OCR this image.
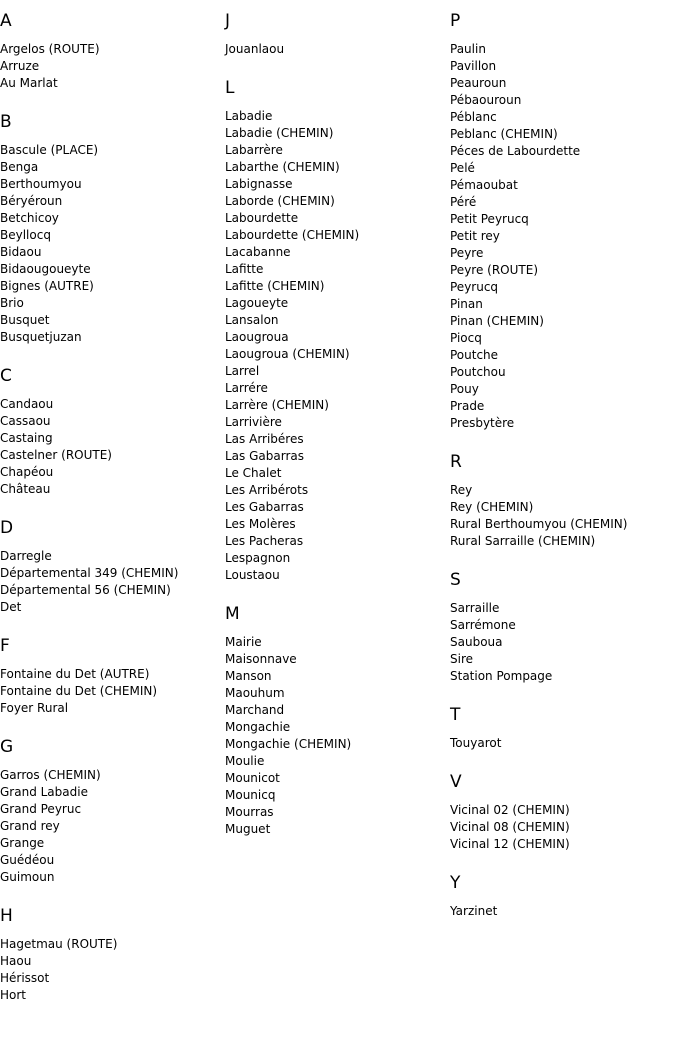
A
Argelos (ROUTE)
Arruze
Au Marlat
B
Bascule (PLACE)
Benga
Berthoumyou
Béryéroun
Betchicoy
Beyllocq
Bidaou
Bidaougoueyte
Bignes (AUTRE)
Brio
Busquet
Busquetjuzan
C
Candaou
Cassaou
Castaing
Castelner (ROUTE)
Chapéou
Château
D
Darregle
Départemental 349 (CHEMIN)
Départemental 56 (CHEMIN)
Det
F
Fontaine du Det (AUTRE)
Fontaine du Det (CHEMIN)
Foyer Rural
G
Garros (CHEMIN)
Grand Labadie
Grand Peyruc
Grand rey
Grange
Guédéou
Guimoun
H
Hagetmau (ROUTE)
Haou
Hérissot
Hort
J
Jouanlaou
L
Labadie
Labadie (CHEMIN)
Labarrère
Labarthe (CHEMIN)
Labignasse
Laborde (CHEMIN)
Labourdette
Labourdette (CHEMIN)
Lacabanne
Lafitte
Lafitte (CHEMIN)
Lagoueyte
Lansalon
Laougroua
Laougroua (CHEMIN)
Larrel
Larrére
Larrère (CHEMIN)
Larrivière
Las Arribéres
Las Gabarras
Le Chalet
Les Arribérots
Les Gabarras
Les Molères
Les Pacheras
Lespagnon
Loustaou
M
Mairie
Maisonnave
Manson
Maouhum
Marchand
Mongachie
Mongachie (CHEMIN)
Moulie
Mounicot
Mounicq
Mourras
Muguet
P
Paulin
Pavillon
Peauroun
Pébaouroun
Péblanc
Peblanc (CHEMIN)
Péces de Labourdette
Pelé
Pémaoubat
Péré
Petit Peyrucq
Petit rey
Peyre
Peyre (ROUTE)
Peyrucq
Pinan
Pinan (CHEMIN)
Piocq
Poutche
Poutchou
Pouy
Prade
Presbytère
R
Rey
Rey (CHEMIN)
Rural Berthoumyou (CHEMIN)
Rural Sarraille (CHEMIN)
S
Sarraille
Sarrémone
Sauboua
Sire
Station Pompage
T
Touyarot
V
Vicinal 02 (CHEMIN)
Vicinal 08 (CHEMIN)
Vicinal 12 (CHEMIN)
Y
Yarzinet
